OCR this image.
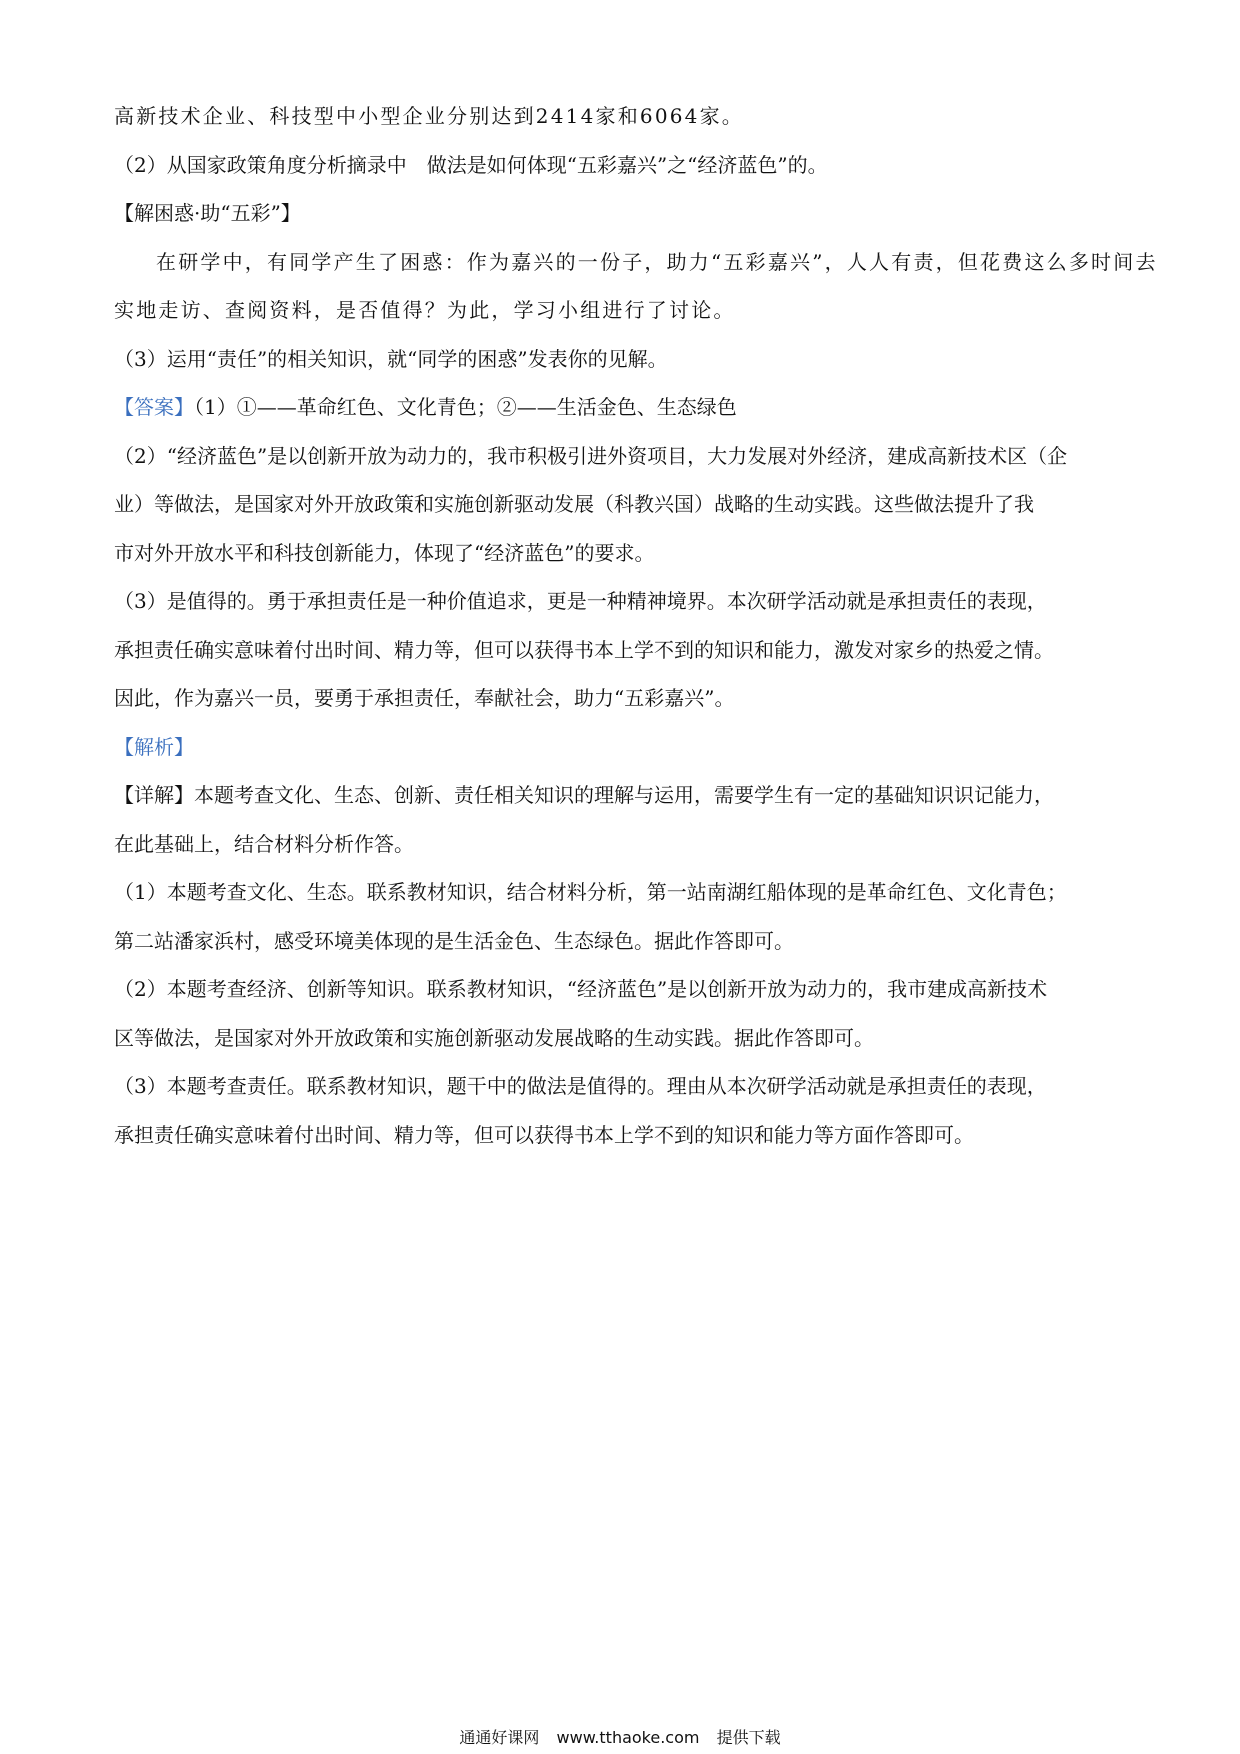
高新技术企业、科技型中小型企业分别达到2414家和6064家。
（2）从国家政策角度分析摘录中　做法是如何体现“五彩嘉兴”之“经济蓝色”的。
【解困惑·助“五彩”】
在研学中，有同学产生了困惑：作为嘉兴的一份子，助力“五彩嘉兴”，人人有责，但花费这么多时间去
实地走访、查阅资料，是否值得？为此，学习小组进行了讨论。
（3）运用“责任”的相关知识，就“同学的困惑”发表你的见解。
【答案】（1）①——革命红色、文化青色；②——生活金色、生态绿色
（2）“经济蓝色”是以创新开放为动力的，我市积极引进外资项目，大力发展对外经济，建成高新技术区（企
业）等做法，是国家对外开放政策和实施创新驱动发展（科教兴国）战略的生动实践。这些做法提升了我
市对外开放水平和科技创新能力，体现了“经济蓝色”的要求。
（3）是值得的。勇于承担责任是一种价值追求，更是一种精神境界。本次研学活动就是承担责任的表现，
承担责任确实意味着付出时间、精力等，但可以获得书本上学不到的知识和能力，激发对家乡的热爱之情。
因此，作为嘉兴一员，要勇于承担责任，奉献社会，助力“五彩嘉兴”。
【解析】
【详解】本题考查文化、生态、创新、责任相关知识的理解与运用，需要学生有一定的基础知识识记能力，
在此基础上，结合材料分析作答。
（1）本题考查文化、生态。联系教材知识，结合材料分析，第一站南湖红船体现的是革命红色、文化青色；
第二站潘家浜村，感受环境美体现的是生活金色、生态绿色。据此作答即可。
（2）本题考查经济、创新等知识。联系教材知识，“经济蓝色”是以创新开放为动力的，我市建成高新技术
区等做法，是国家对外开放政策和实施创新驱动发展战略的生动实践。据此作答即可。
（3）本题考查责任。联系教材知识，题干中的做法是值得的。理由从本次研学活动就是承担责任的表现，
承担责任确实意味着付出时间、精力等，但可以获得书本上学不到的知识和能力等方面作答即可。
通通好课网 www.tthaoke.com 提供下载
